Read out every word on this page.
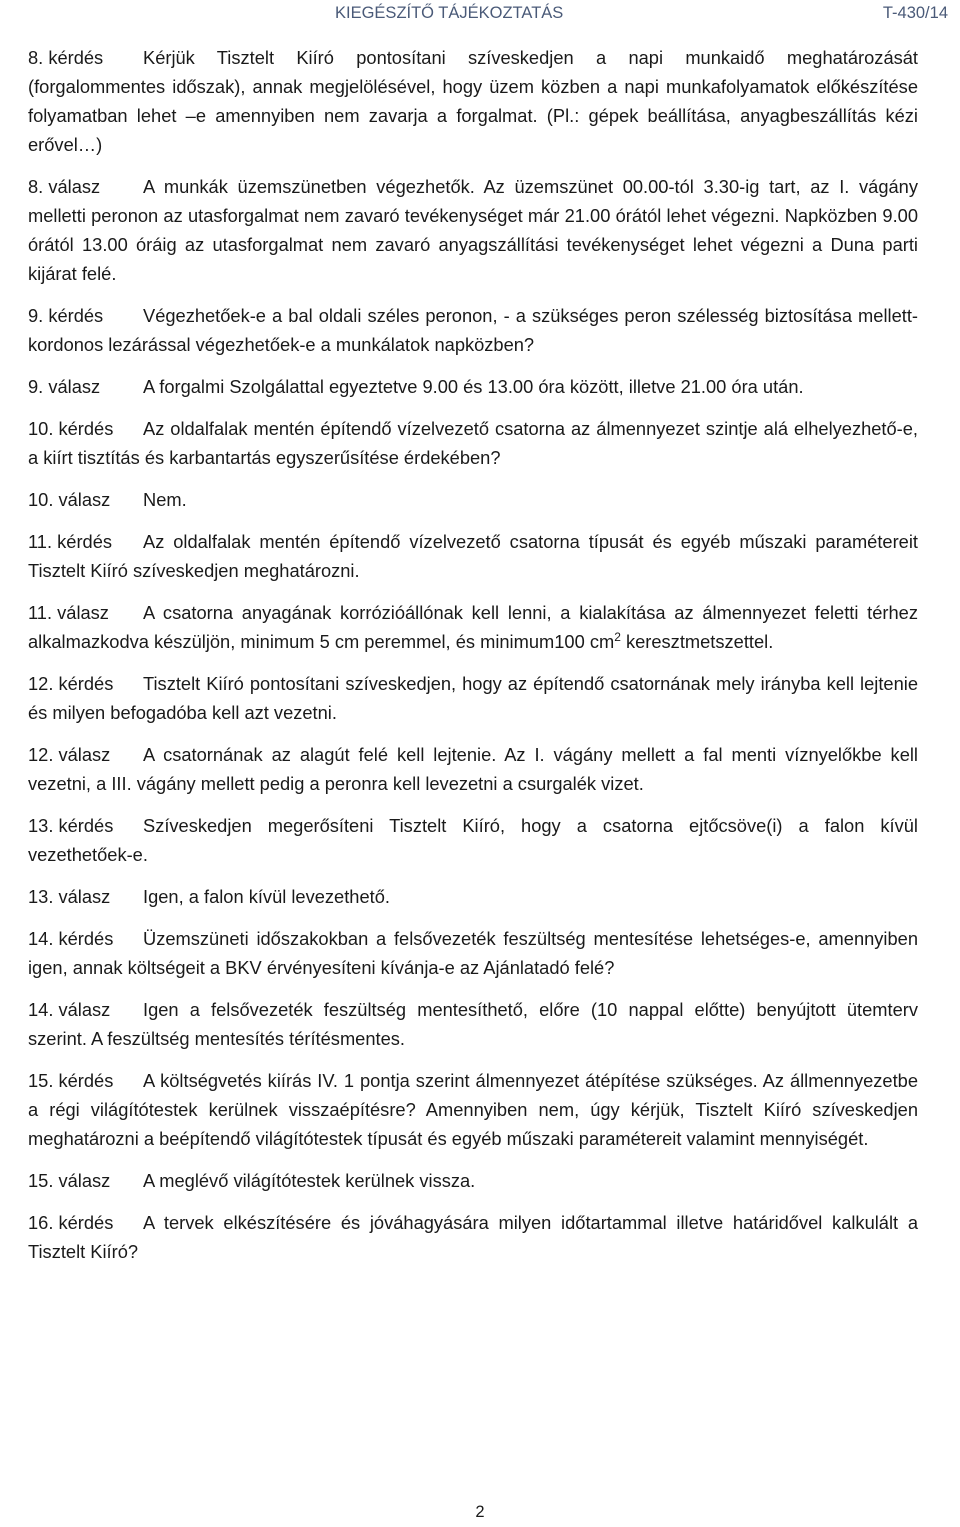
KIEGÉSZÍTŐ TÁJÉKOZTATÁS	T-430/14

8. kérdés Kérjük Tisztelt Kiíró pontosítani szíveskedjen a napi munkaidő meghatározását (forgalommentes időszak), annak megjelölésével, hogy üzem közben a napi munkafolyamatok előkészítése folyamatban lehet –e amennyiben nem zavarja a forgalmat. (Pl.: gépek beállítása, anyagbeszállítás kézi erővel…)

8. válasz A munkák üzemszünetben végezhetők. Az üzemszünet 00.00-tól 3.30-ig tart, az I. vágány melletti peronon az utasforgalmat nem zavaró tevékenységet már 21.00 órától lehet végezni. Napközben 9.00 órától 13.00 óráig az utasforgalmat nem zavaró anyagszállítási tevékenységet lehet végezni a Duna parti kijárat felé.

9. kérdés Végezhetőek-e a bal oldali széles peronon, - a szükséges peron szélesség biztosítása mellett- kordonos lezárással végezhetőek-e a munkálatok napközben?

9. válasz A forgalmi Szolgálattal egyeztetve 9.00 és 13.00 óra között, illetve 21.00 óra után.

10. kérdés Az oldalfalak mentén építendő vízelvezető csatorna az álmennyezet szintje alá elhelyezhető-e, a kiírt tisztítás és karbantartás egyszerűsítése érdekében?

10. válasz Nem.

11. kérdés Az oldalfalak mentén építendő vízelvezető csatorna típusát és egyéb műszaki paramétereit Tisztelt Kiíró szíveskedjen meghatározni.

11. válasz A csatorna anyagának korrózióállónak kell lenni, a kialakítása az álmennyezet feletti térhez alkalmazkodva készüljön, minimum 5 cm peremmel, és minimum100 $cm^2$ keresztmetszettel.

12. kérdés Tisztelt Kiíró pontosítani szíveskedjen, hogy az építendő csatornának mely irányba kell lejtenie és milyen befogadóba kell azt vezetni.

12. válasz A csatornának az alagút felé kell lejtenie. Az I. vágány mellett a fal menti víznyelőkbe kell vezetni, a III. vágány mellett pedig a peronra kell levezetni a csurgalék vizet.

13. kérdés Szíveskedjen megerősíteni Tisztelt Kiíró, hogy a csatorna ejtőcsöve(i) a falon kívül vezethetőek-e.

13. válasz Igen, a falon kívül levezethető.

14. kérdés Üzemszüneti időszakokban a felsővezeték feszültség mentesítése lehetséges-e, amennyiben igen, annak költségeit a BKV érvényesíteni kívánja-e az Ajánlatadó felé?

14. válasz Igen a felsővezeték feszültség mentesíthető, előre (10 nappal előtte) benyújtott ütemterv szerint. A feszültség mentesítés térítésmentes.

15. kérdés A költségvetés kiírás IV. 1 pontja szerint álmennyezet átépítése szükséges. Az állmennyezetbe a régi világítótestek kerülnek visszaépítésre? Amennyiben nem, úgy kérjük, Tisztelt Kiíró szíveskedjen meghatározni a beépítendő világítótestek típusát és egyéb műszaki paramétereit valamint mennyiségét.

15. válasz A meglévő világítótestek kerülnek vissza.

16. kérdés A tervek elkészítésére és jóváhagyására milyen időtartammal illetve határidővel kalkulált a Tisztelt Kiíró?

2
